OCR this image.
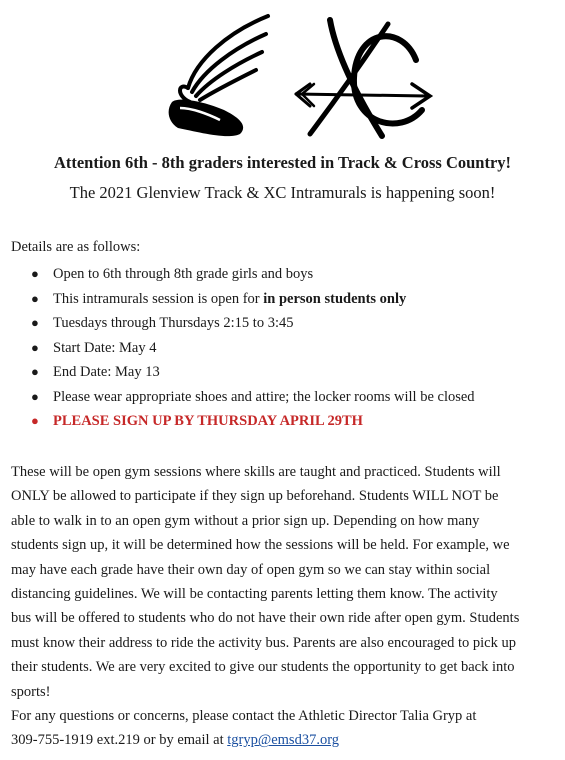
Attention 6th - 8th graders interested in Track & Cross Country!
The 2021 Glenview Track & XC Intramurals is happening soon!
Details are as follows:
● Open to 6th through 8th grade girls and boys
● This intramurals session is open for in person students only
● Tuesdays through Thursdays 2:15 to 3:45
● Start Date: May 4
● End Date: May 13
● Please wear appropriate shoes and attire; the locker rooms will be closed
● PLEASE SIGN UP BY THURSDAY APRIL 29TH
These will be open gym sessions where skills are taught and practiced. Students will
ONLY be allowed to participate if they sign up beforehand. Students WILL NOT be
able to walk in to an open gym without a prior sign up. Depending on how many
students sign up, it will be determined how the sessions will be held. For example, we
may have each grade have their own day of open gym so we can stay within social
distancing guidelines. We will be contacting parents letting them know. The activity
bus will be offered to students who do not have their own ride after open gym. Students
must know their address to ride the activity bus. Parents are also encouraged to pick up
their students. We are very excited to give our students the opportunity to get back into
sports!
For any questions or concerns, please contact the Athletic Director Talia Gryp at
309-755-1919 ext.219 or by email at tgryp@emsd37.org
